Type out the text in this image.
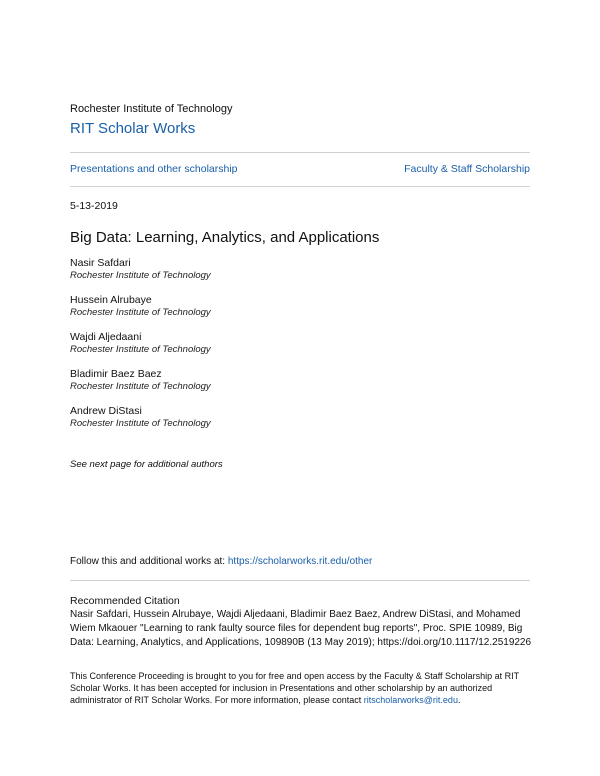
Rochester Institute of Technology
RIT Scholar Works
Presentations and other scholarship	Faculty & Staff Scholarship
5-13-2019
Big Data: Learning, Analytics, and Applications
Nasir Safdari
Rochester Institute of Technology
Hussein Alrubaye
Rochester Institute of Technology
Wajdi Aljedaani
Rochester Institute of Technology
Bladimir Baez Baez
Rochester Institute of Technology
Andrew DiStasi
Rochester Institute of Technology
See next page for additional authors
Follow this and additional works at: https://scholarworks.rit.edu/other
Recommended Citation
Nasir Safdari, Hussein Alrubaye, Wajdi Aljedaani, Bladimir Baez Baez, Andrew DiStasi, and Mohamed Wiem Mkaouer "Learning to rank faulty source files for dependent bug reports", Proc. SPIE 10989, Big Data: Learning, Analytics, and Applications, 109890B (13 May 2019); https://doi.org/10.1117/12.2519226
This Conference Proceeding is brought to you for free and open access by the Faculty & Staff Scholarship at RIT Scholar Works. It has been accepted for inclusion in Presentations and other scholarship by an authorized administrator of RIT Scholar Works. For more information, please contact ritscholarworks@rit.edu.
